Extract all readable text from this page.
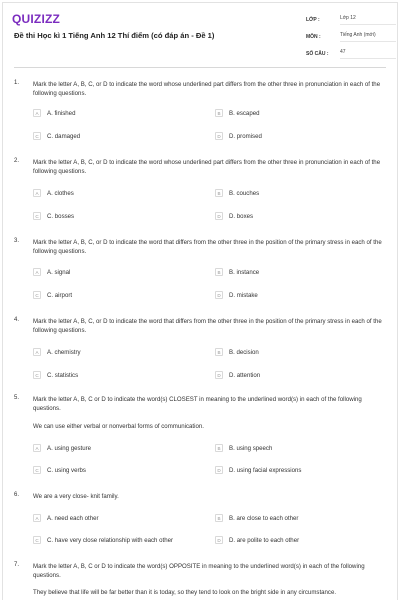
QUIZIZZ
Đề thi Học kì 1 Tiếng Anh 12 Thí điểm (có đáp án - Đề 1)
LỚP :	Lớp 12
MÔN :	Tiếng Anh (mới)
SỐ CÂU :	47
1. Mark the letter A, B, C, or D to indicate the word whose underlined part differs from the other three in pronunciation in each of the following questions.
A	A. finished	B	B. escaped
C	C. damaged	D	D. promised
2. Mark the letter A, B, C, or D to indicate the word whose underlined part differs from the other three in pronunciation in each of the following questions.
A	A. clothes	B	B. couches
C	C. bosses	D	D. boxes
3. Mark the letter A, B, C, or D to indicate the word that differs from the other three in the position of the primary stress in each of the following questions.
A	A. signal	B	B. instance
C	C. airport	D	D. mistake
4. Mark the letter A, B, C, or D to indicate the word that differs from the other three in the position of the primary stress in each of the following questions.
A	A. chemistry	B	B. decision
C	C. statistics	D	D. attention
5. Mark the letter A, B, C or D to indicate the word(s) CLOSEST in meaning to the underlined word(s) in each of the following questions.
We can use either verbal or nonverbal forms of communication.
A	A. using gesture	B	B. using speech
C	C. using verbs	D	D. using facial expressions
6. We are a very close- knit family.
A	A. need each other	B	B. are close to each other
C	C. have very close relationship with each other	D	D. are polite to each other
7. Mark the letter A, B, C or D to indicate the word(s) OPPOSITE in meaning to the underlined word(s) in each of the following questions.
They believe that life will be far better than it is today, so they tend to look on the bright side in any circumstance.
